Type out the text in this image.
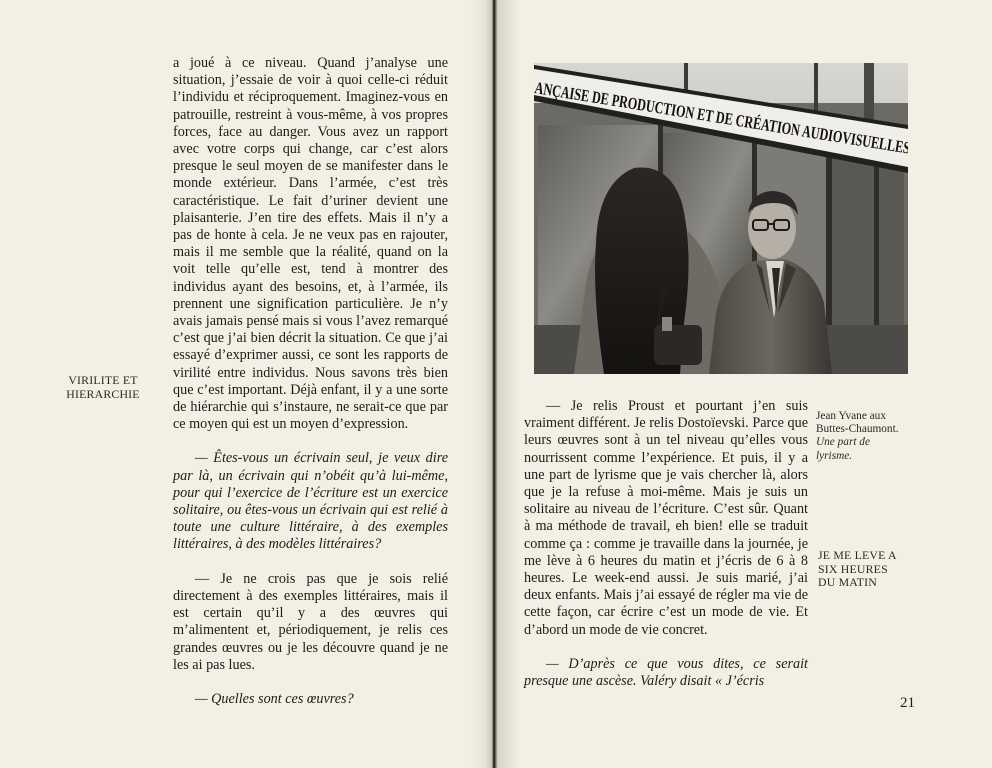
a joué à ce niveau. Quand j’analyse une situation, j’essaie de voir à quoi celle-ci réduit l’individu et réciproquement. Imaginez-vous en patrouille, restreint à vous-même, à vos propres forces, face au danger. Vous avez un rapport avec votre corps qui change, car c’est alors presque le seul moyen de se manifester dans le monde extérieur. Dans l’armée, c’est très caractéristique. Le fait d’uriner devient une plaisanterie. J’en tire des effets. Mais il n’y a pas de honte à cela. Je ne veux pas en rajouter, mais il me semble que la réalité, quand on la voit telle qu’elle est, tend à montrer des individus ayant des besoins, et, à l’armée, ils prennent une signification particulière. Je n’y avais jamais pensé mais si vous l’avez remarqué c’est que j’ai bien décrit la situation. Ce que j’ai essayé d’exprimer aussi, ce sont les rapports de virilité entre individus. Nous savons très bien que c’est important. Déjà enfant, il y a une sorte de hiérarchie qui s’instaure, ne serait-ce que par ce moyen qui est un moyen d’expression.

— Êtes-vous un écrivain seul, je veux dire par là, un écrivain qui n’obéit qu’à lui-même, pour qui l’exercice de l’écriture est un exercice solitaire, ou êtes-vous un écrivain qui est relié à toute une culture littéraire, à des exemples littéraires, à des modèles littéraires?

— Je ne crois pas que je sois relié directement à des exemples littéraires, mais il est certain qu’il y a des œuvres qui m’alimentent et, périodiquement, je relis ces grandes œuvres ou je les découvre quand je ne les ai pas lues.

— Quelles sont ces œuvres?

VIRILITE ET HIERARCHIE
Jean Yvane aux Buttes-Chaumont.
Une part de lyrisme.

— Je relis Proust et pourtant j’en suis vraiment différent. Je relis Dostoïevski. Parce que leurs œuvres sont à un tel niveau qu’elles vous nourrissent comme l’expérience. Et puis, il y a une part de lyrisme que je vais chercher là, alors que je la refuse à moi-même. Mais je suis un solitaire au niveau de l’écriture. C’est sûr. Quant à ma méthode de travail, eh bien! elle se traduit comme ça : comme je travaille dans la journée, je me lève à 6 heures du matin et j’écris de 6 à 8 heures. Le week-end aussi. Je suis marié, j’ai deux enfants. Mais j’ai essayé de régler ma vie de cette façon, car écrire c’est un mode de vie. Et d’abord un mode de vie concret.

— D’après ce que vous dites, ce serait presque une ascèse. Valéry disait « J’écris

JE ME LEVE A SIX HEURES DU MATIN
21
